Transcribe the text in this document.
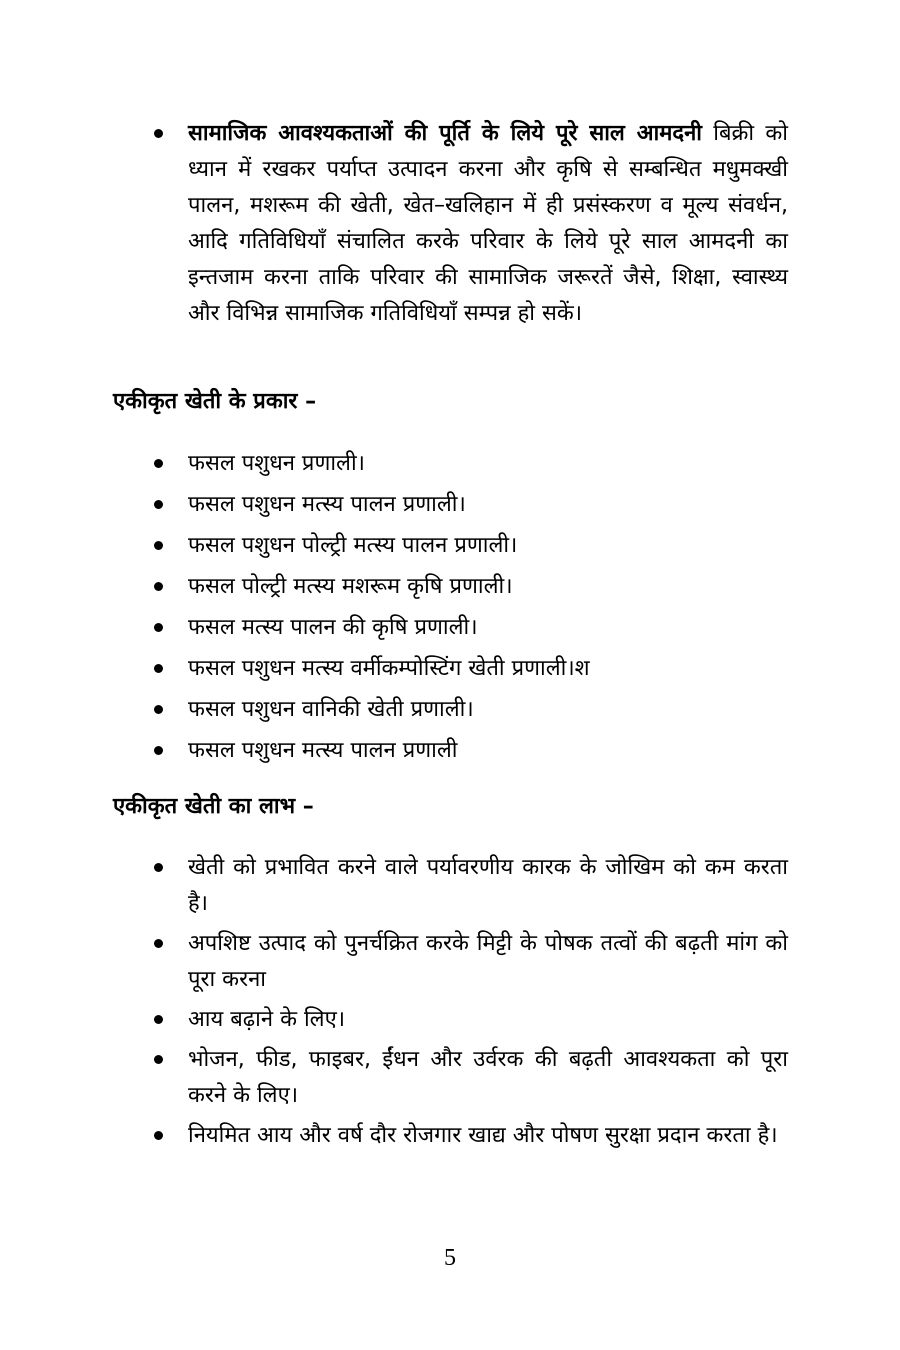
सामाजिक आवश्यकताओं की पूर्ति के लिये पूरे साल आमदनी बिक्री को ध्यान में रखकर पर्याप्त उत्पादन करना और कृषि से सम्बन्धित मधुमक्खी पालन, मशरूम की खेती, खेत–खलिहान में ही प्रसंस्करण व मूल्य संवर्धन, आदि गतिविधियाँ संचालित करके परिवार के लिये पूरे साल आमदनी का इन्तजाम करना ताकि परिवार की सामाजिक जरूरतें जैसे, शिक्षा, स्वास्थ्य और विभिन्न सामाजिक गतिविधियाँ सम्पन्न हो सकें।
एकीकृत खेती के प्रकार –
फसल पशुधन प्रणाली।
फसल पशुधन मत्स्य पालन प्रणाली।
फसल पशुधन पोल्ट्री मत्स्य पालन प्रणाली।
फसल पोल्ट्री मत्स्य मशरूम कृषि प्रणाली।
फसल मत्स्य पालन की कृषि प्रणाली।
फसल पशुधन मत्स्य वर्मीकम्पोस्टिंग खेती प्रणाली।श
फसल पशुधन वानिकी खेती प्रणाली।
फसल पशुधन मत्स्य पालन प्रणाली
एकीकृत खेती का लाभ –
खेती को प्रभावित करने वाले पर्यावरणीय कारक के जोखिम को कम करता है।
अपशिष्ट उत्पाद को पुनर्चक्रित करके मिट्टी के पोषक तत्वों की बढ़ती मांग को पूरा करना
आय बढ़ाने के लिए।
भोजन, फीड, फाइबर, ईंधन और उर्वरक की बढ़ती आवश्यकता को पूरा करने के लिए।
नियमित आय और वर्ष दौर रोजगार खाद्य और पोषण सुरक्षा प्रदान करता है।
5
